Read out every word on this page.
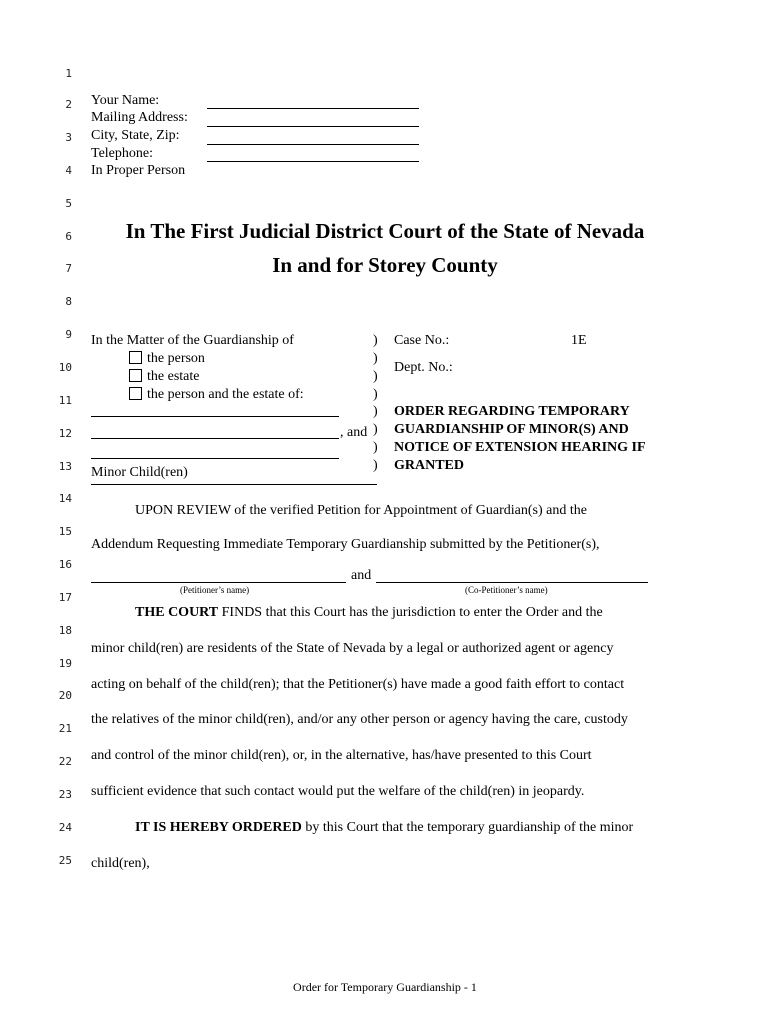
1
2
3
4
5
6
7
8
9
10
11
12
13
14
15
16
17
18
19
20
21
22
23
24
25
Your Name:
Mailing Address:
City, State, Zip:
Telephone:
In Proper Person
In The First Judicial District Court of the State of Nevada
In and for Storey County
In the Matter of the Guardianship of
the person
the estate
the person and the estate of:
, and
Minor Child(ren)
)
)
)
)
)
)
)
)
Case No.:	1E
Dept. No.:
ORDER REGARDING TEMPORARY
GUARDIANSHIP OF MINOR(S) AND
NOTICE OF EXTENSION HEARING IF
GRANTED
UPON REVIEW of the verified Petition for Appointment of Guardian(s) and the
Addendum Requesting Immediate Temporary Guardianship submitted by the Petitioner(s),
and
(Petitioner’s name)	(Co-Petitioner’s name)
THE COURT FINDS that this Court has the jurisdiction to enter the Order and the
minor child(ren) are residents of the State of Nevada by a legal or authorized agent or agency
acting on behalf of the child(ren); that the Petitioner(s) have made a good faith effort to contact
the relatives of the minor child(ren), and/or any other person or agency having the care, custody
and control of the minor child(ren), or, in the alternative, has/have presented to this Court
sufficient evidence that such contact would put the welfare of the child(ren) in jeopardy.
IT IS HEREBY ORDERED by this Court that the temporary guardianship of the minor
child(ren),
Order for Temporary Guardianship - 1
